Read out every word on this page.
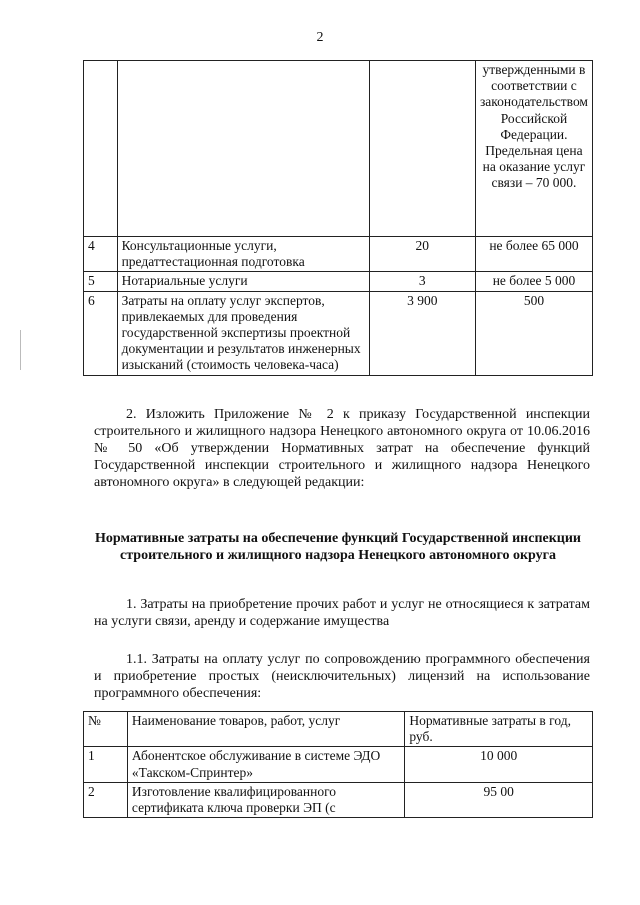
2
			утвержденными в соответствии с законодательством Российской Федерации. Предельная цена на оказание услуг связи – 70 000.
4	Консультационные услуги, предаттестационная подготовка	20	не более 65 000
5	Нотариальные услуги	3	не более 5 000
6	Затраты на оплату услуг экспертов, привлекаемых для проведения государственной экспертизы проектной документации и результатов инженерных изысканий (стоимость человека-часа)	3 900	500
2. Изложить Приложение № 2 к приказу Государственной инспекции строительного и жилищного надзора Ненецкого автономного округа от 10.06.2016 № 50 «Об утверждении Нормативных затрат на обеспечение функций Государственной инспекции строительного и жилищного надзора Ненецкого автономного округа» в следующей редакции:
Нормативные затраты на обеспечение функций Государственной инспекции строительного и жилищного надзора Ненецкого автономного округа
1. Затраты на приобретение прочих работ и услуг не относящиеся к затратам на услуги связи, аренду и содержание имущества
1.1. Затраты на оплату услуг по сопровождению программного обеспечения и приобретение простых (неисключительных) лицензий на использование программного обеспечения:
№	Наименование товаров, работ, услуг	Нормативные затраты в год, руб.
1	Абонентское обслуживание в системе ЭДО «Такском-Спринтер»	10 000
2	Изготовление квалифицированного сертификата ключа проверки ЭП (с	95 00
